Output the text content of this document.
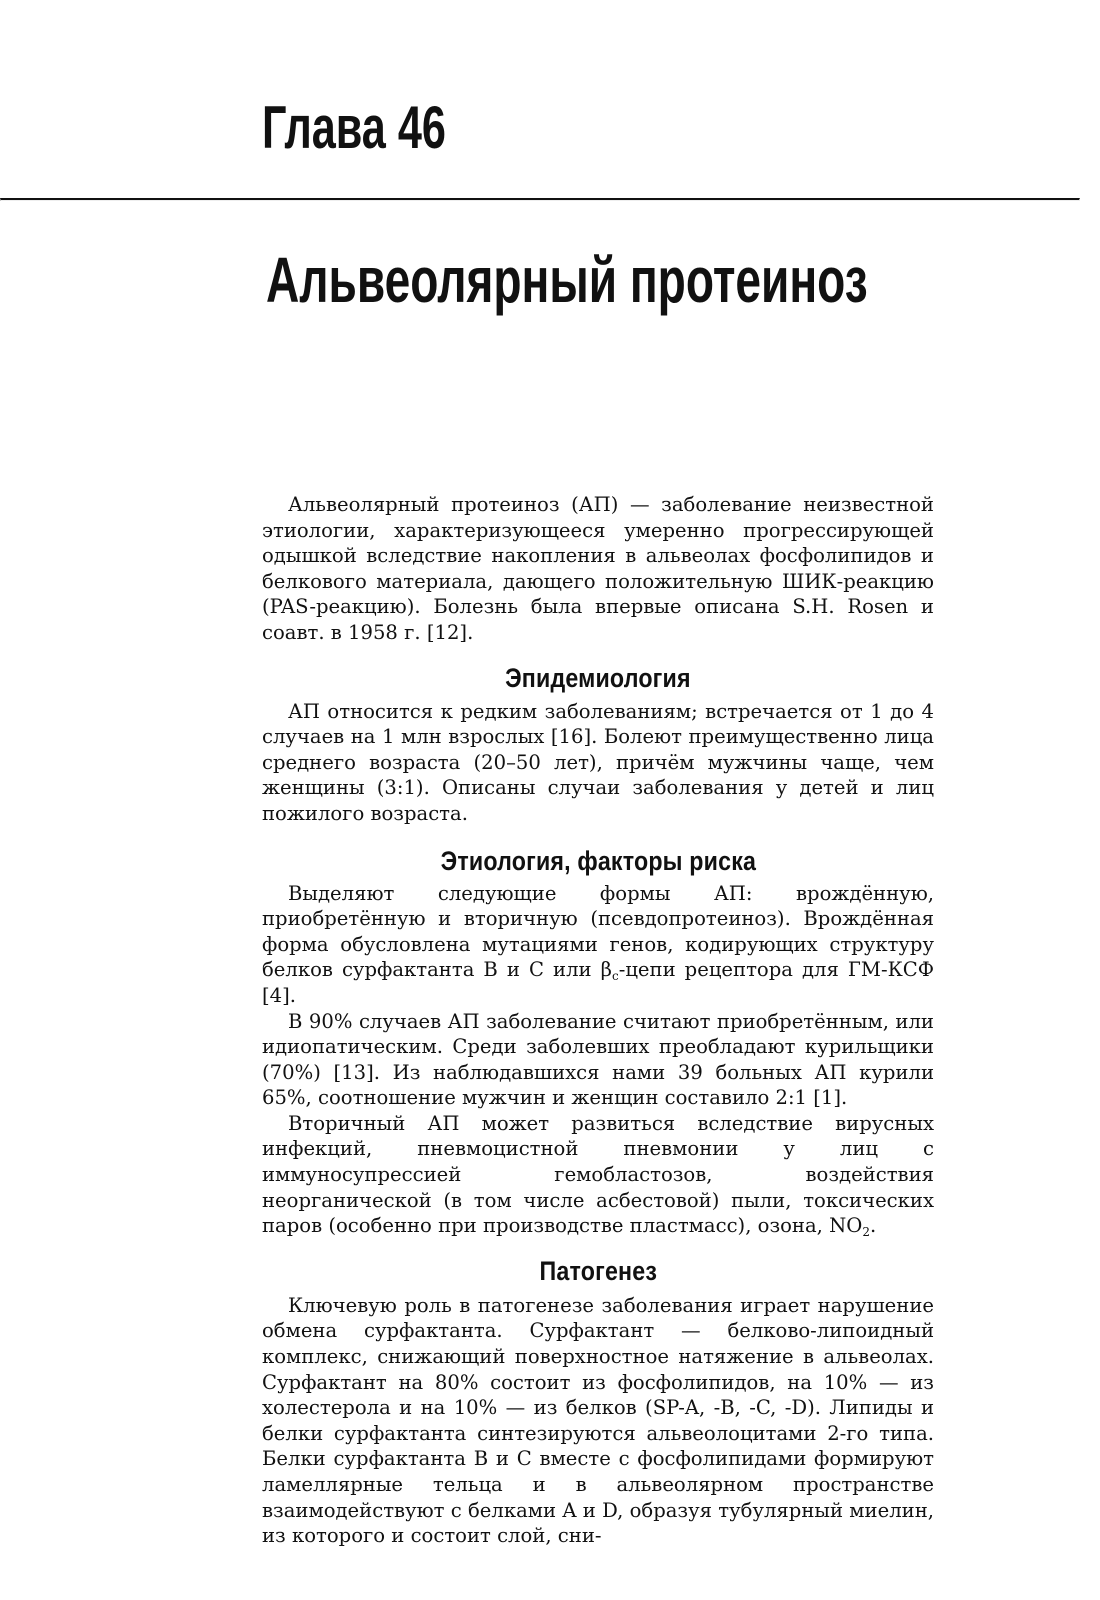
Глава 46
Альвеолярный протеиноз

Альвеолярный протеиноз (АП) — заболевание неизвестной этиологии, характеризующееся умеренно прогрессирующей одышкой вследствие накопления в альвеолах фосфолипидов и белкового материала, дающего положительную ШИК-реакцию (PAS-реакцию). Болезнь была впервые описана S.H. Rosen и соавт. в 1958 г. [12].

Эпидемиология

АП относится к редким заболеваниям; встречается от 1 до 4 случаев на 1 млн взрослых [16]. Болеют преимущественно лица среднего возраста (20–50 лет), причём мужчины чаще, чем женщины (3:1). Описаны случаи заболевания у детей и лиц пожилого возраста.

Этиология, факторы риска

Выделяют следующие формы АП: врождённую, приобретённую и вторичную (псевдопротеиноз). Врождённая форма обусловлена мутациями генов, кодирующих структуру белков сурфактанта B и C или $\beta_c$-цепи рецептора для ГМ-КСФ [4].

В 90% случаев АП заболевание считают приобретённым, или идиопатическим. Среди заболевших преобладают курильщики (70%) [13]. Из наблюдавшихся нами 39 больных АП курили 65%, соотношение мужчин и женщин составило 2:1 [1].

Вторичный АП может развиться вследствие вирусных инфекций, пневмоцистной пневмонии у лиц с иммуносупрессией гемобластозов, воздействия неорганической (в том числе асбестовой) пыли, токсических паров (особенно при производстве пластмасс), озона, $NO_2$.

Патогенез

Ключевую роль в патогенезе заболевания играет нарушение обмена сурфактанта. Сурфактант — белково-липоидный комплекс, снижающий поверхностное натяжение в альвеолах. Сурфактант на 80% состоит из фосфолипидов, на 10% — из холестерола и на 10% — из белков (SP-A, -B, -C, -D). Липиды и белки сурфактанта синтезируются альвеолоцитами 2-го типа. Белки сурфактанта B и C вместе с фосфолипидами формируют ламеллярные тельца и в альвеолярном пространстве взаимодействуют с белками A и D, образуя тубулярный миелин, из которого и состоит слой, сни-
